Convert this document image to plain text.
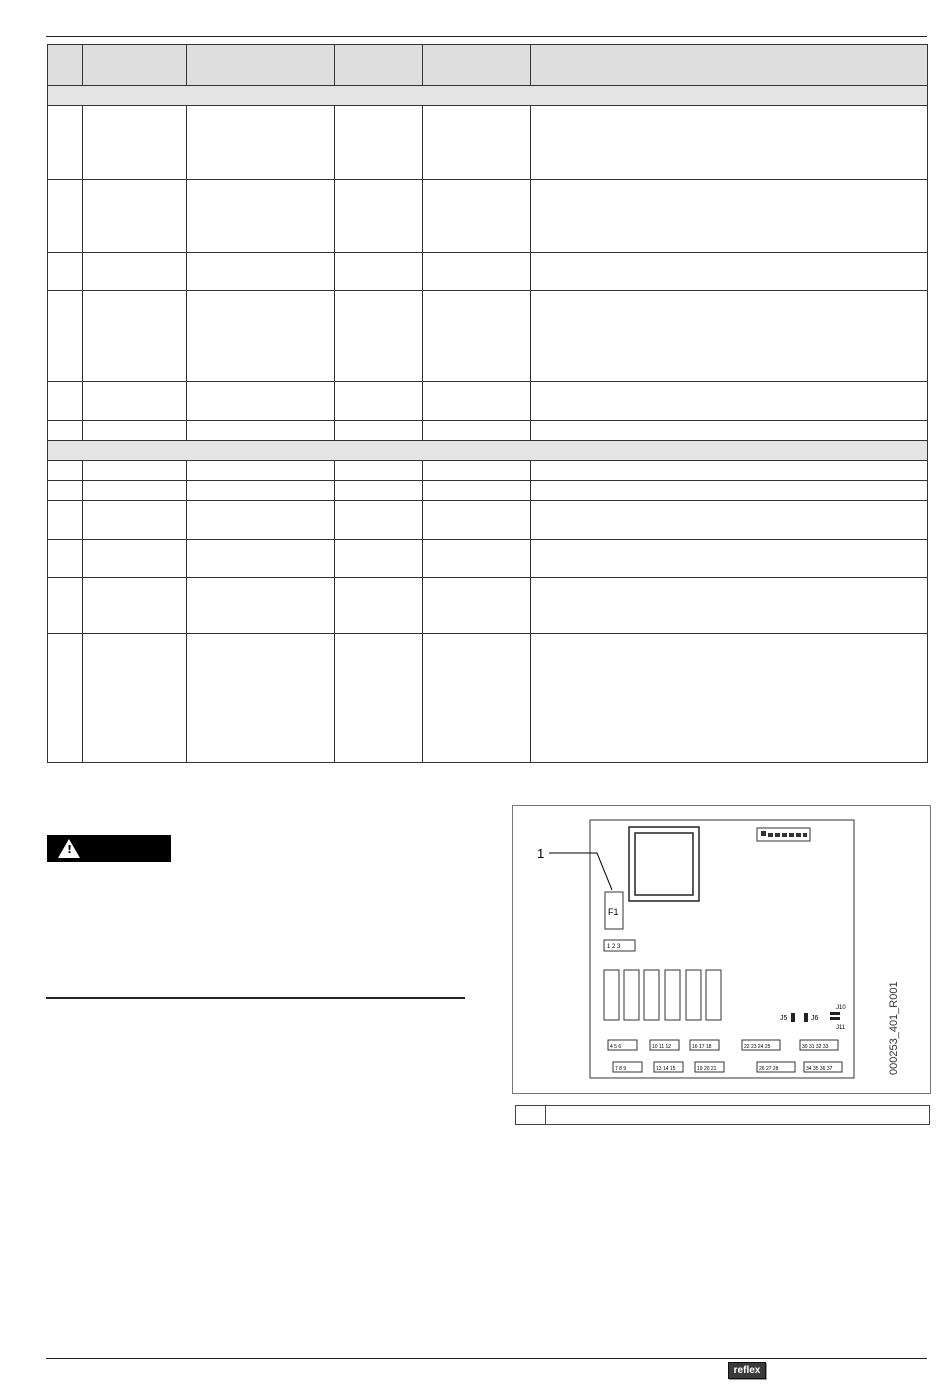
!	1
F1
1 2 3
J5	J6
J10
J11
4 5 6	10 11 12	16 17 18	22 23 24 25	30 31 32 33
7 8 9	13 14 15	19 20 21	26 27 28	34 35 36 37	000253_401_R001
reflex
